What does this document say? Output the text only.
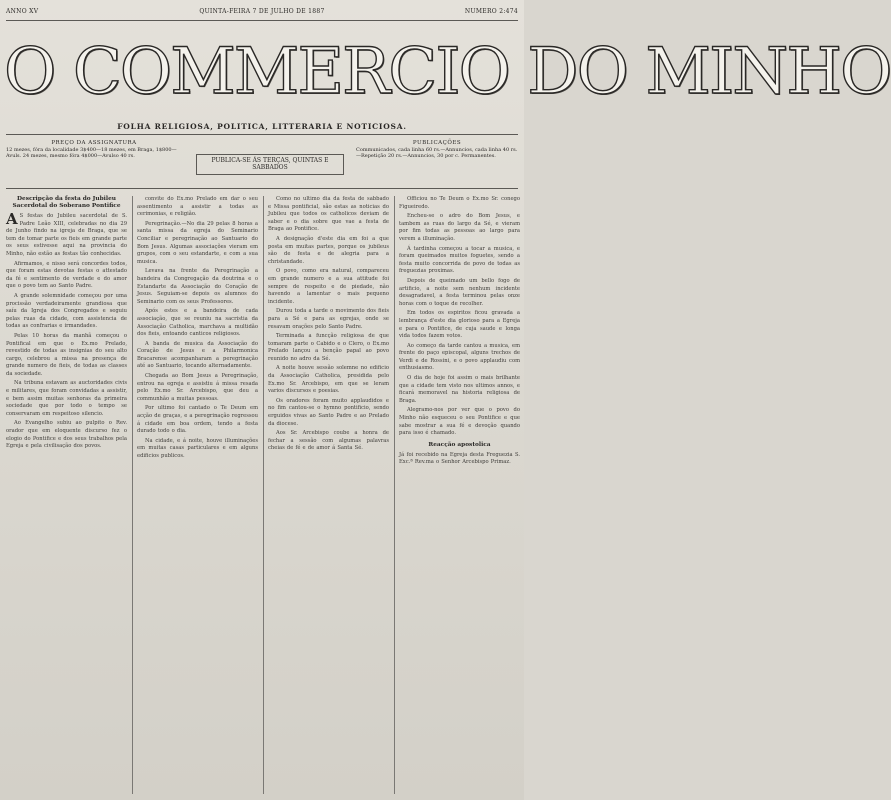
ANNO XV	QUINTA-FEIRA 7 DE JULHO DE 1887	NUMERO 2:474
O COMMERCIO DO MINHO
FOLHA RELIGIOSA, POLITICA, LITTERARIA E NOTICIOSA.
PREÇO DA ASSIGNATURA
12 mezes, fóra da localidade 3$400—18 mezes, em Braga, 1$800—Avuls. 24 mezes, mesmo fóra 4$000—Avulso 40 rs.
PUBLICA-SE ÁS TERÇAS, QUINTAS E SABBADOS
PUBLICAÇÕES
Communicados, cada linha 60 rs.—Annuncios, cada linha 40 rs.—Repetição 20 rs.—Annuncios, 30 por c. Permanentes.
Descripção da festa do Jubileu Sacerdotal do Soberano Pontifice

A S festas do Jubileu sacerdotal de S. Padre Leão XIII, celebradas no dia 29 de Junho findo na igreja de Braga, que se tem de tomar parte os fieis em grande parte os seus estivesse aqui na provincia do Minho, não estão as festas tão conhecidas.

Afirmamos, e nisso será concordes todos, que foram estas devotas festas o attestado da fé e sentimento de verdade e do amor que o povo tem ao Santo Padre.

A grande solemnidade começou por uma procissão verdadeiramente grandiosa que saíu da Igreja dos Congregados e seguiu pelas ruas da cidade, com assistencia de todas as confrarias e irmandades.

Pelas 10 horas da manhã começou o Pontifical em que o Ex.mo Prelado, revestido de todas as insignias do seu alto cargo, celebrou a missa na presença de grande numero de fieis, de todas as classes da sociedade.

Na tribuna estavam as auctoridades civis e militares, que foram convidadas a assistir, e bem assim muitas senhoras da primeira sociedade que por todo o tempo se conservaram em respeitoso silencio.

Ao Evangelho subiu ao pulpito o Rev. orador que em eloquente discurso fez o elogio do Pontifice e dos seus trabalhos pela Egreja e pela civilisação dos povos.

convite do Ex.mo Prelado em dar o seu assentimento a assistir a todas as cerimonias, e religião.

Peregrinação.—No dia 29 pelas 8 horas a santa missa da egreja do Seminario Conciliar e peregrinação ao Santuario do Bom Jesus. Algumas associações vieram em grupos, com o seu estandarte, e com a sua musica.

Levava na frente da Peregrinação a bandeira da Congregação da doutrina e o Estandarte da Associação do Coração de Jesus. Seguiam-se depois os alumnos do Seminario com os seus Professores.

Após estes e a bandeira de cada associação, que se reuniu na sacristia da Associação Catholica, marchava a multidão dos fieis, entoando canticos religiosos.

A banda de musica da Associação do Coração de Jesus e a Philarmonica Bracarense acompanharam a peregrinação até ao Santuario, tocando alternadamente.

Chegada ao Bom Jesus a Peregrinação, entrou na egreja e assistiu á missa resada pelo Ex.mo Sr. Arcebispo, que deu a communhão a muitas pessoas.

Por ultimo foi cantado o Te Deum em acção de graças, e a peregrinação regressou á cidade em boa ordem, tendo a festa durado todo o dia.

Na cidade, e á noite, houve illuminações em muitas casas particulares e em alguns edificios publicos.

Como no ultimo dia da festa de sabbado e Missa pontificial, são estas as noticias do Jubileu que todos os catholicos deviam de saber e o dia sobre que vae a festa de Braga ao Pontifice.

A designação d'este dia em foi a que posta em muitas partes, porque os jubileus são de festa e de alegria para a christandade.

O povo, como era natural, compareceu em grande numero e a sua attitude foi sempre de respeito e de piedade, não havendo a lamentar o mais pequeno incidente.

Durou toda a tarde o movimento dos fieis para a Sé e para as egrejas, onde se resavam orações pelo Santo Padre.

Terminada a funcção religiosa de que tomaram parte o Cabido e o Clero, o Ex.mo Prelado lançou a benção papal ao povo reunido no adro da Sé.

A noite houve sessão solemne no edificio da Associação Catholica, presidida pelo Ex.mo Sr. Arcebispo, em que se leram varios discursos e poesias.

Os oradores foram muito applaudidos e no fim cantou-se o hymno pontificio, sendo erguidos vivas ao Santo Padre e ao Prelado da diocese.

Aos Sr. Arcebispo coube a honra de fechar a sessão com algumas palavras cheias de fé e de amor á Santa Sé.

Officiou no Te Deum o Ex.mo Sr. conego Figueiredo.

Encheu-se o adro do Bom Jesus, e tambem as ruas do largo da Sé, e vieram por fim todas as pessoas ao largo para verem a illuminação.

Á tardinha começou a tocar a musica, e foram queimados muitos foguetes, sendo a festa muito concorrida de povo de todas as freguezias proximas.

Depois de queimado um bello fogo de artificio, a noite sem nenhum incidente desagradavel, a festa terminou pelas onze horas com o toque de recolher.

Em todos os espiritos ficou gravada a lembrança d'este dia glorioso para a Egreja e para o Pontifice, de cuja saude e longa vida todos fazem votos.

Ao começo da tarde cantou a musica, em frente do paço episcopal, alguns trechos de Verdi e de Rossini, e o povo applaudiu com enthusiasmo.

O dia de hoje foi assim o mais brilhante que a cidade tem visto nos ultimos annos, e ficará memoravel na historia religiosa de Braga.

Alegramo-nos por ver que o povo do Minho não esqueceu o seu Pontifice e que sabe mostrar a sua fé e devoção quando para isso é chamado.

Reacção apostolica
Já foi recebido na Egreja desta Freguezia S. Exc.ª Rev.ma o Senhor Arcebispo Primaz.
